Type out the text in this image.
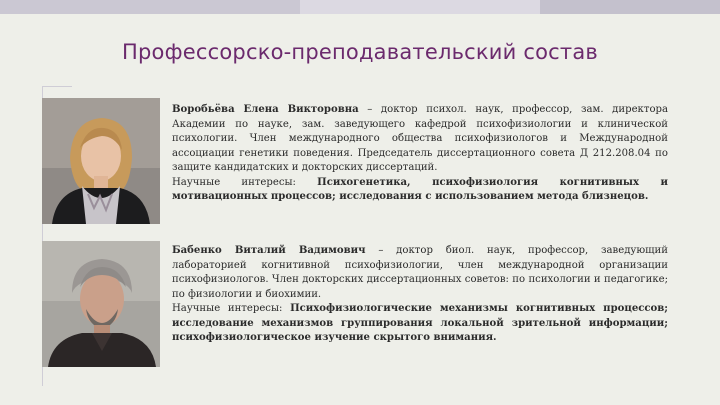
Профессорско-преподавательский состав

Воробьёва Елена Викторовна – доктор психол. наук, профессор, зам. директора Академии по науке, зам. заведующего кафедрой психофизиологии и клинической психологии. Член международного общества психофизиологов и Международной ассоциации генетики поведения. Председатель диссертационного совета Д 212.208.04 по защите кандидатских и докторских диссертаций.

Научные интересы: Психогенетика, психофизиология когнитивных и мотивационных процессов; исследования с использованием метода близнецов.

Бабенко Виталий Вадимович – доктор биол. наук, профессор, заведующий лабораторией когнитивной психофизиологии, член международной организации психофизиологов. Член докторских диссертационных советов: по психологии и педагогике; по физиологии и биохимии.

Научные интересы: Психофизиологические механизмы когнитивных процессов; исследование механизмов группирования локальной зрительной информации; психофизиологическое изучение скрытого внимания.
